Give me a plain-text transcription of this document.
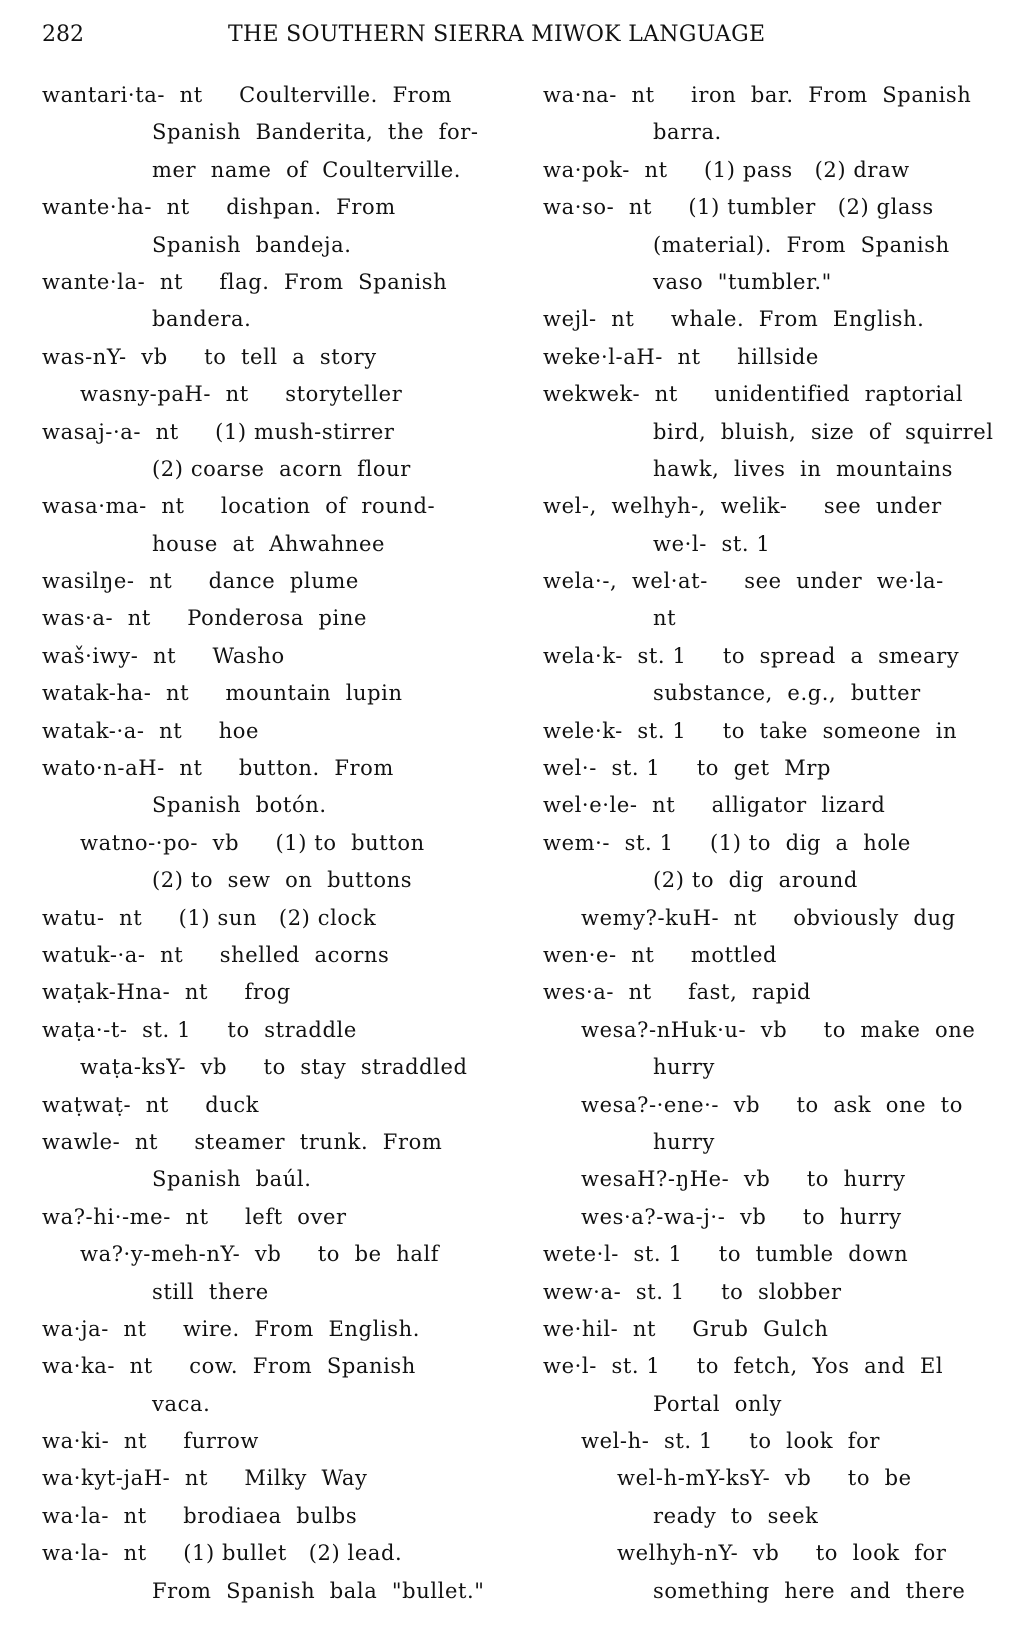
282	THE SOUTHERN SIERRA MIWOK LANGUAGE
wantari·ta-  nt     Coulterville.  From
Spanish  Banderita,  the  for-
mer  name  of  Coulterville.
wante·ha-  nt     dishpan.  From
Spanish  bandeja.
wante·la-  nt     flag.  From  Spanish
bandera.
was-nY-  vb     to  tell  a  story
wasny-paH-  nt     storyteller
wasaj-·a-  nt     (1) mush-stirrer
(2) coarse  acorn  flour
wasa·ma-  nt     location  of  round-
house  at  Ahwahnee
wasilŋe-  nt     dance  plume
was·a-  nt     Ponderosa  pine
waš·iwy-  nt     Washo
watak-ha-  nt     mountain  lupin
watak-·a-  nt     hoe
wato·n-aH-  nt     button.  From
Spanish  botón.
watno-·po-  vb     (1) to  button
(2) to  sew  on  buttons
watu-  nt     (1) sun   (2) clock
watuk-·a-  nt     shelled  acorns
waṭak-Hna-  nt     frog
waṭa·-t-  st. 1     to  straddle
waṭa-ksY-  vb     to  stay  straddled
waṭwaṭ-  nt     duck
wawle-  nt     steamer  trunk.  From
Spanish  baúl.
wa?-hi·-me-  nt     left  over
wa?·y-meh-nY-  vb     to  be  half
still  there
wa·ja-  nt     wire.  From  English.
wa·ka-  nt     cow.  From  Spanish
vaca.
wa·ki-  nt     furrow
wa·kyt-jaH-  nt     Milky  Way
wa·la-  nt     brodiaea  bulbs
wa·la-  nt     (1) bullet   (2) lead.
From  Spanish  bala  "bullet."
wa·na-  nt     iron  bar.  From  Spanish
barra.
wa·pok-  nt     (1) pass   (2) draw
wa·so-  nt     (1) tumbler   (2) glass
(material).  From  Spanish
vaso  "tumbler."
wejl-  nt     whale.  From  English.
weke·l-aH-  nt     hillside
wekwek-  nt     unidentified  raptorial
bird,  bluish,  size  of  squirrel
hawk,  lives  in  mountains
wel-,  welhyh-,  welik-     see  under
we·l-  st. 1
wela·-,  wel·at-     see  under  we·la-
nt
wela·k-  st. 1     to  spread  a  smeary
substance,  e.g.,  butter
wele·k-  st. 1     to  take  someone  in
wel·-  st. 1     to  get  Mrp
wel·e·le-  nt     alligator  lizard
wem·-  st. 1     (1) to  dig  a  hole
(2) to  dig  around
wemy?-kuH-  nt     obviously  dug
wen·e-  nt     mottled
wes·a-  nt     fast,  rapid
wesa?-nHuk·u-  vb     to  make  one
hurry
wesa?-·ene·-  vb     to  ask  one  to
hurry
wesaH?-ŋHe-  vb     to  hurry
wes·a?-wa-j·-  vb     to  hurry
wete·l-  st. 1     to  tumble  down
wew·a-  st. 1     to  slobber
we·hil-  nt     Grub  Gulch
we·l-  st. 1     to  fetch,  Yos  and  El
Portal  only
wel-h-  st. 1     to  look  for
wel-h-mY-ksY-  vb     to  be
ready  to  seek
welhyh-nY-  vb     to  look  for
something  here  and  there
